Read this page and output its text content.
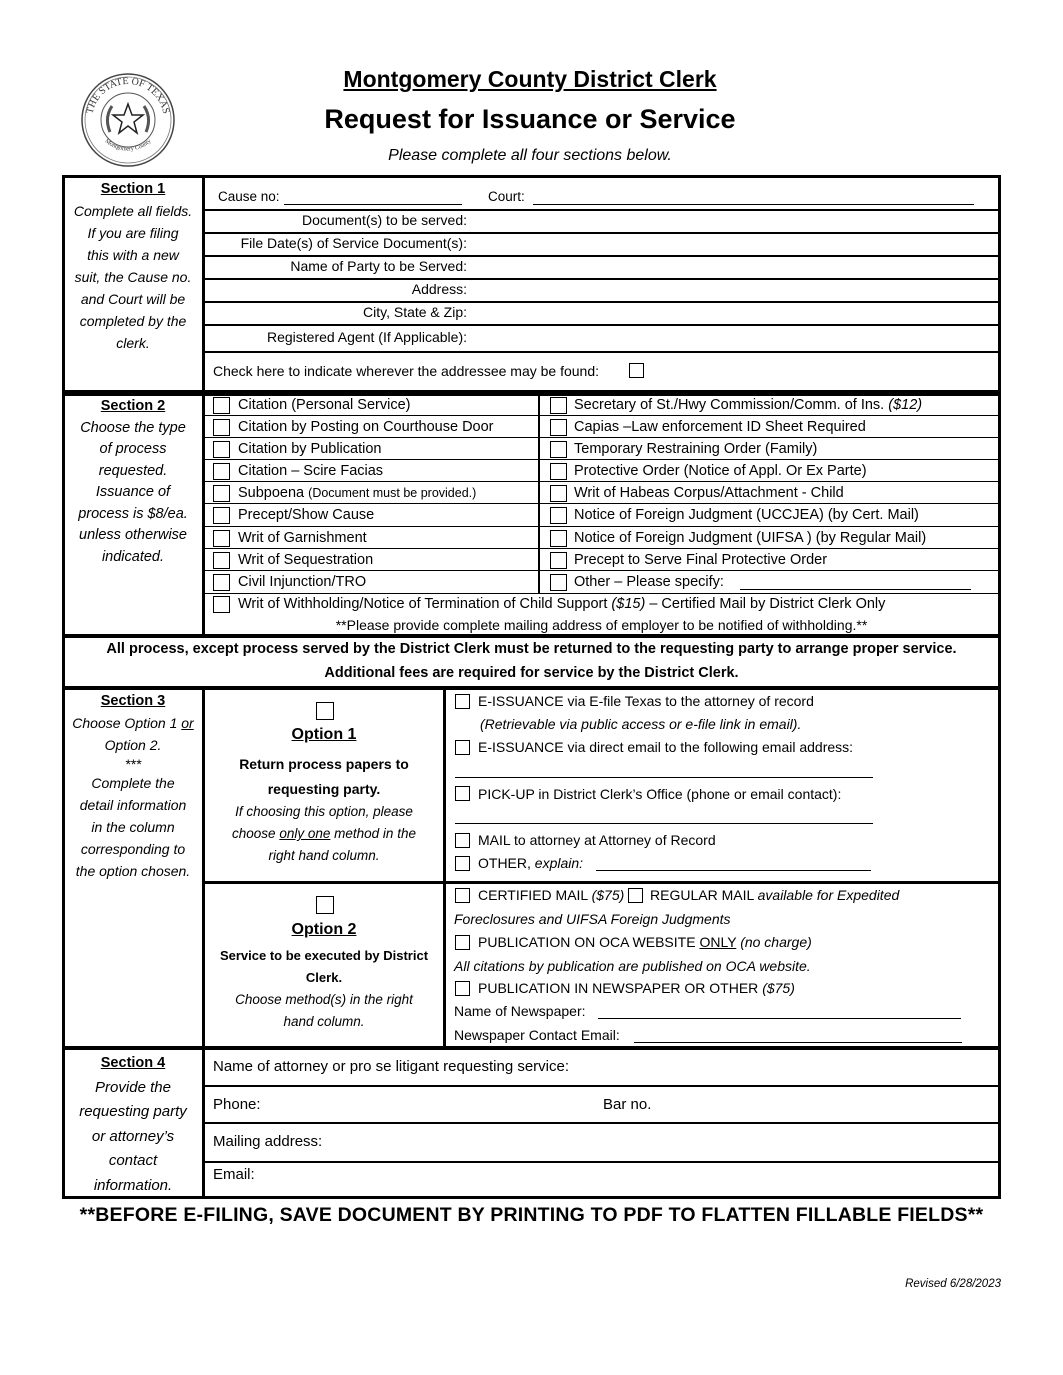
THE STATE OF TEXAS
Montgomery County
Montgomery County District Clerk
Request for Issuance or Service
Please complete all four sections below.
Section 1
Complete all fields.
If you are filing
this with a new
suit, the Cause no.
and Court will be
completed by the
clerk.
Cause no:	Court:
Document(s) to be served:
File Date(s) of Service Document(s):
Name of Party to be Served:
Address:
City, State & Zip:
Registered Agent (If Applicable):
Check here to indicate wherever the addressee may be found:
Section 2
Choose the type
of process
requested.
Issuance of
process is $8/ea.
unless otherwise
indicated.
Citation (Personal Service)
Citation by Posting on Courthouse Door
Citation by Publication
Citation – Scire Facias
Subpoena (Document must be provided.)
Precept/Show Cause
Writ of Garnishment
Writ of Sequestration
Civil Injunction/TRO
Secretary of St./Hwy Commission/Comm. of Ins. ($12)
Capias –Law enforcement ID Sheet Required
Temporary Restraining Order (Family)
Protective Order (Notice of Appl. Or Ex Parte)
Writ of Habeas Corpus/Attachment - Child
Notice of Foreign Judgment (UCCJEA) (by Cert. Mail)
Notice of Foreign Judgment (UIFSA ) (by Regular Mail)
Precept to Serve Final Protective Order
Other – Please specify:
Writ of Withholding/Notice of Termination of Child Support ($15) – Certified Mail by District Clerk Only
**Please provide complete mailing address of employer to be notified of withholding.**
All process, except process served by the District Clerk must be returned to the requesting party to arrange proper service.
Additional fees are required for service by the District Clerk.
Section 3
Choose Option 1 or
Option 2.
***
Complete the
detail information
in the column
corresponding to
the option chosen.
Option 1
Return process papers to
requesting party.
If choosing this option, please
choose only one method in the
right hand column.
E-ISSUANCE via E-file Texas to the attorney of record
(Retrievable via public access or e-file link in email).
E-ISSUANCE via direct email to the following email address:
PICK-UP in District Clerk’s Office (phone or email contact):
MAIL to attorney at Attorney of Record
OTHER, explain:
Option 2
Service to be executed by District
Clerk.
Choose method(s) in the right
hand column.
CERTIFIED MAIL ($75) REGULAR MAIL available for Expedited
Foreclosures and UIFSA Foreign Judgments
PUBLICATION ON OCA WEBSITE ONLY (no charge)
All citations by publication are published on OCA website.
PUBLICATION IN NEWSPAPER OR OTHER ($75)
Name of Newspaper:
Newspaper Contact Email:
Section 4
Provide the
requesting party
or attorney’s
contact
information.
Name of attorney or pro se litigant requesting service:
Phone:	Bar no.
Mailing address:
Email:
**BEFORE E-FILING, SAVE DOCUMENT BY PRINTING TO PDF TO FLATTEN FILLABLE FIELDS**
Revised 6/28/2023
